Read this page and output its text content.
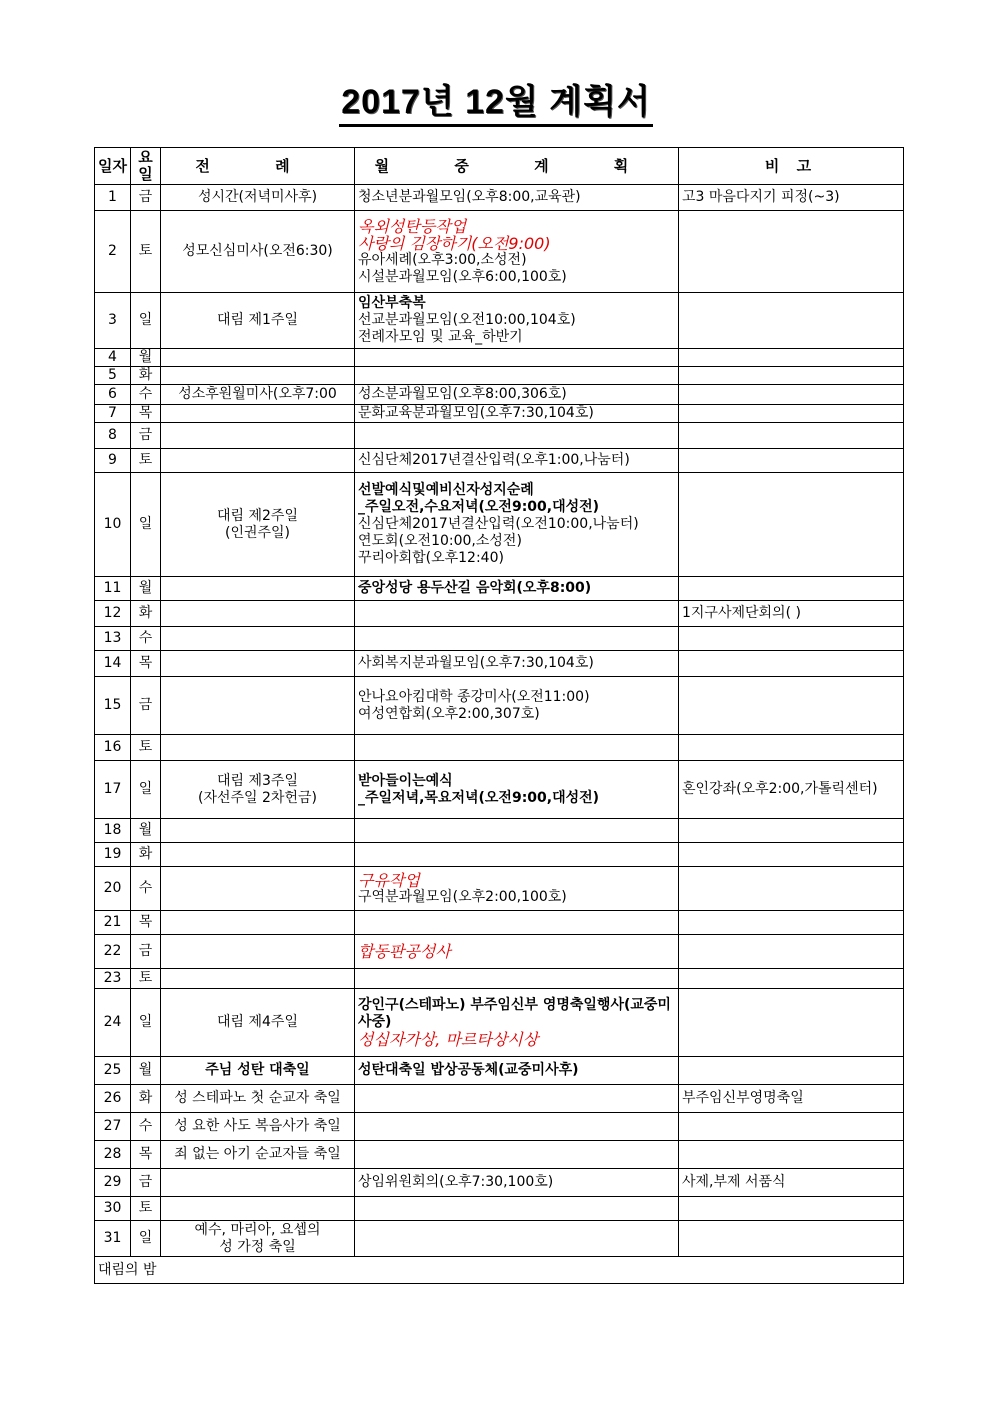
2017년 12월 계획서
일자	요일	전 례	월 중 계 획	비 고
1	금	성시간(저녁미사후)	청소년분과월모임(오후8:00,교육관)	고3 마음다지기 피정(~3)
2	토	성모신심미사(오전6:30)	옥외성탄등작업
사랑의 김장하기(오전9:00)
유아세례(오후3:00,소성전)
시설분과월모임(오후6:00,100호)	

3	일	대림 제1주일	임산부축복
선교분과월모임(오전10:00,104호)
전례자모임 및 교육_하반기	

4	월			
5	화			
6	수	성소후원월미사(오후7:00	성소분과월모임(오후8:00,306호)	

7	목		문화교육분과월모임(오후7:30,104호)	

8	금			
9	토		신심단체2017년결산입력(오후1:00,나눔터)	

10	일	대림 제2주일
(인권주일)	선발예식및예비신자성지순례
_주일오전,수요저녁(오전9:00,대성전)
신심단체2017년결산입력(오전10:00,나눔터)
연도회(오전10:00,소성전)
꾸리아회합(오후12:40)	

11	월		중앙성당 용두산길 음악회(오후8:00)	

12	화			1지구사제단회의( )
13	수			
14	목		사회복지분과월모임(오후7:30,104호)	

15	금		안나요아킴대학 종강미사(오전11:00)
여성연합회(오후2:00,307호)	

16	토			
17	일	대림 제3주일
(자선주일 2차헌금)	받아들이는예식
_주일저녁,목요저녁(오전9:00,대성전)	혼인강좌(오후2:00,가톨릭센터)
18	월			
19	화			
20	수		구유작업
구역분과월모임(오후2:00,100호)	

21	목			
22	금		합동판공성사	

23	토			
24	일	대림 제4주일	강인구(스테파노) 부주임신부 영명축일행사(교중미사중)
성십자가상, 마르타상시상	

25	월	주님 성탄 대축일	성탄대축일 밥상공동체(교중미사후)	

26	화	성 스테파노 첫 순교자 축일		부주임신부영명축일
27	수	성 요한 사도 복음사가 축일		

28	목	죄 없는 아기 순교자들 축일		

29	금		상임위원회의(오후7:30,100호)	사제,부제 서품식
30	토			
31	일	예수, 마리아, 요셉의
성 가정 축일		

대림의 밤				
